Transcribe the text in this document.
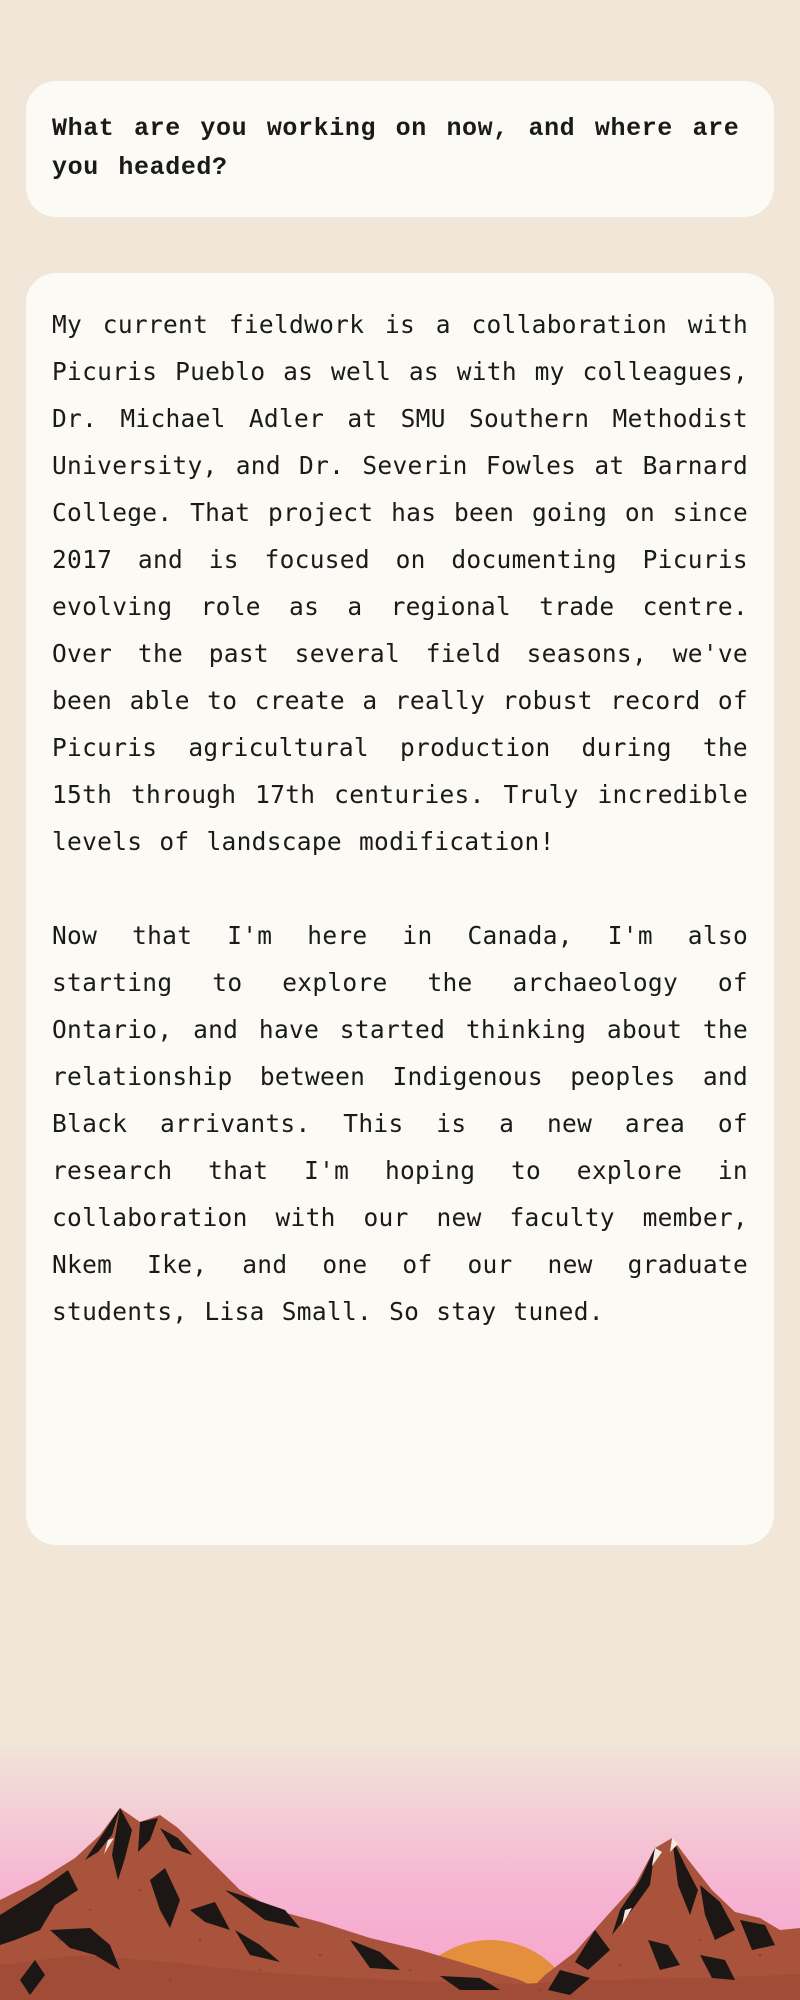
What are you working on now, and where are you headed?

My current fieldwork is a collaboration with Picuris Pueblo as well as with my colleagues, Dr. Michael Adler at SMU Southern Methodist University, and Dr. Severin Fowles at Barnard College. That project has been going on since 2017 and is focused on documenting Picuris evolving role as a regional trade centre. Over the past several field seasons, we've been able to create a really robust record of Picuris agricultural production during the 15th through 17th centuries. Truly incredible levels of landscape modification!

Now that I'm here in Canada, I'm also starting to explore the archaeology of Ontario, and have started thinking about the relationship between Indigenous peoples and Black arrivants. This is a new area of research that I'm hoping to explore in collaboration with our new faculty member, Nkem Ike, and one of our new graduate students, Lisa Small. So stay tuned.
